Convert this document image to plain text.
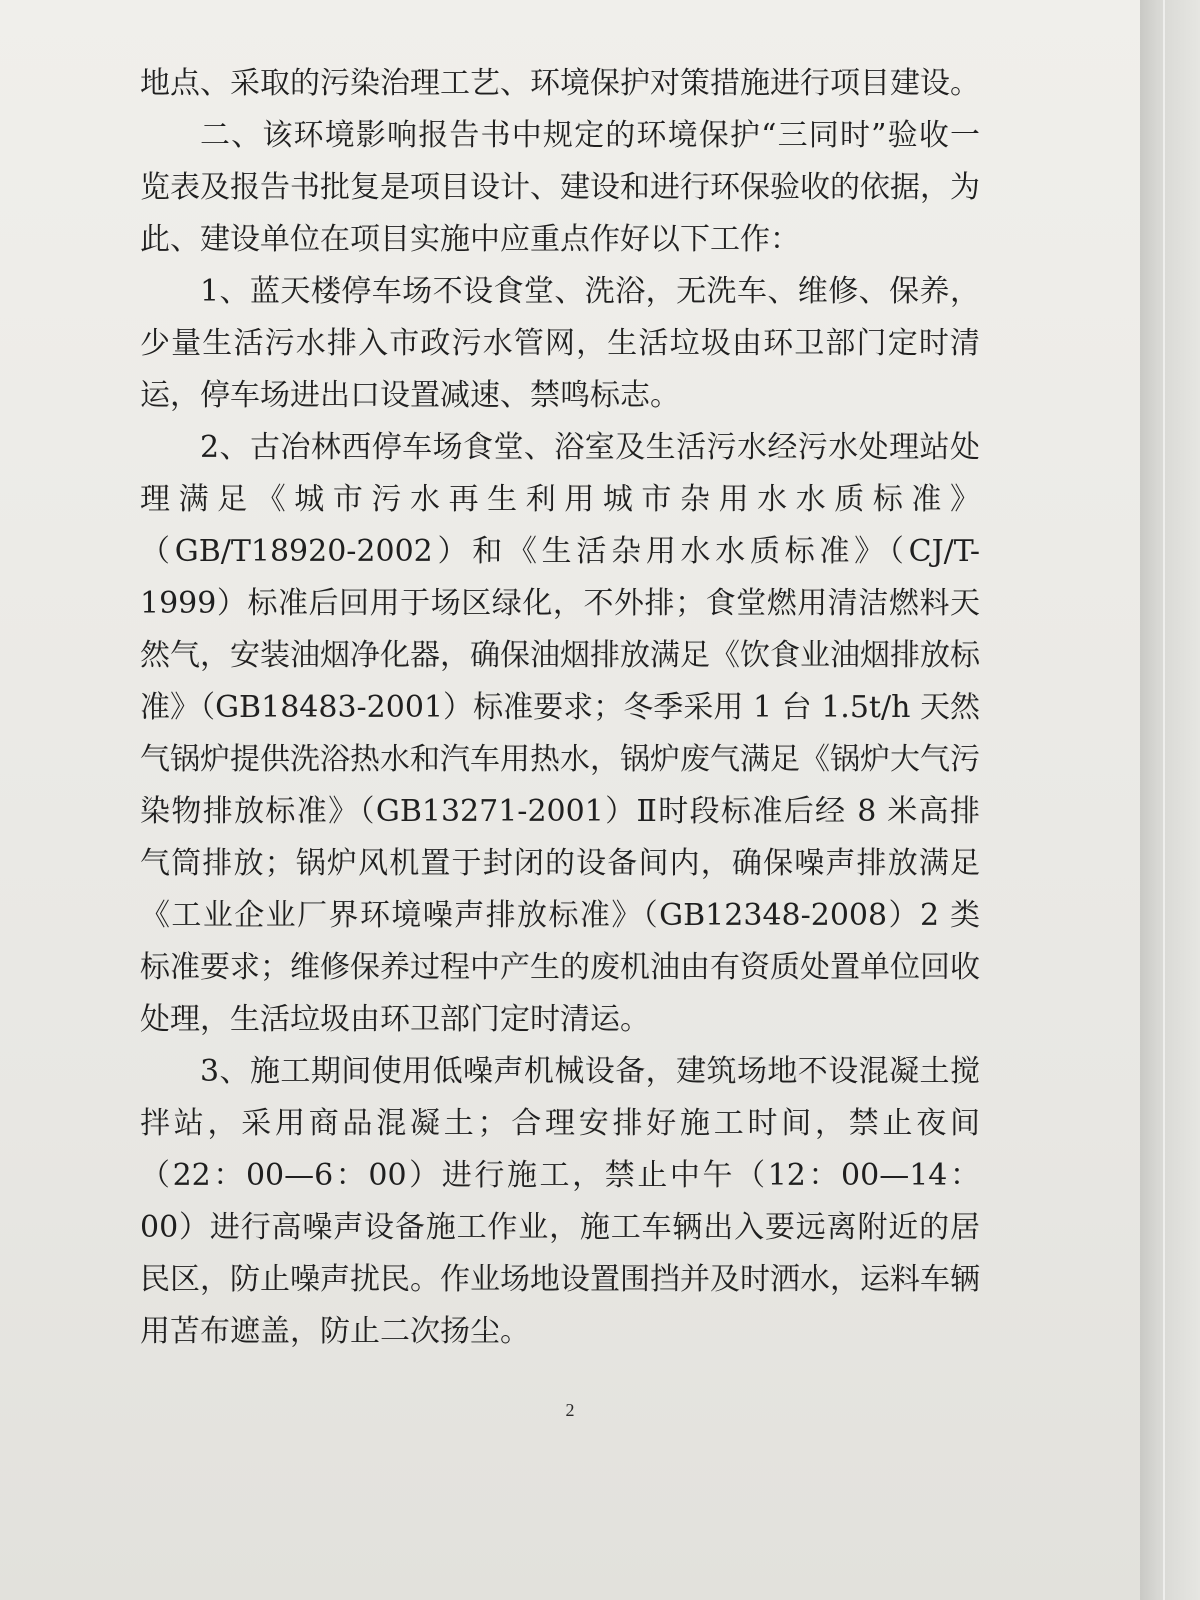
地点、采取的污染治理工艺、环境保护对策措施进行项目建设。

二、该环境影响报告书中规定的环境保护“三同时”验收一览表及报告书批复是项目设计、建设和进行环保验收的依据，为此、建设单位在项目实施中应重点作好以下工作：

1、蓝天楼停车场不设食堂、洗浴，无洗车、维修、保养，少量生活污水排入市政污水管网，生活垃圾由环卫部门定时清运，停车场进出口设置减速、禁鸣标志。

2、古冶林西停车场食堂、浴室及生活污水经污水处理站处理满足《城市污水再生利用城市杂用水水质标准》（GB/T18920-2002）和《生活杂用水水质标准》（CJ/T-1999）标准后回用于场区绿化，不外排；食堂燃用清洁燃料天然气，安装油烟净化器，确保油烟排放满足《饮食业油烟排放标准》（GB18483-2001）标准要求；冬季采用 1 台 1.5t/h 天然气锅炉提供洗浴热水和汽车用热水，锅炉废气满足《锅炉大气污染物排放标准》（GB13271-2001）Ⅱ时段标准后经 8 米高排气筒排放；锅炉风机置于封闭的设备间内，确保噪声排放满足《工业企业厂界环境噪声排放标准》（GB12348-2008）2 类标准要求；维修保养过程中产生的废机油由有资质处置单位回收处理，生活垃圾由环卫部门定时清运。

3、施工期间使用低噪声机械设备，建筑场地不设混凝土搅拌站，采用商品混凝土；合理安排好施工时间，禁止夜间（22：00—6：00）进行施工，禁止中午（12：00—14：00）进行高噪声设备施工作业，施工车辆出入要远离附近的居民区，防止噪声扰民。作业场地设置围挡并及时洒水，运料车辆用苫布遮盖，防止二次扬尘。

2
